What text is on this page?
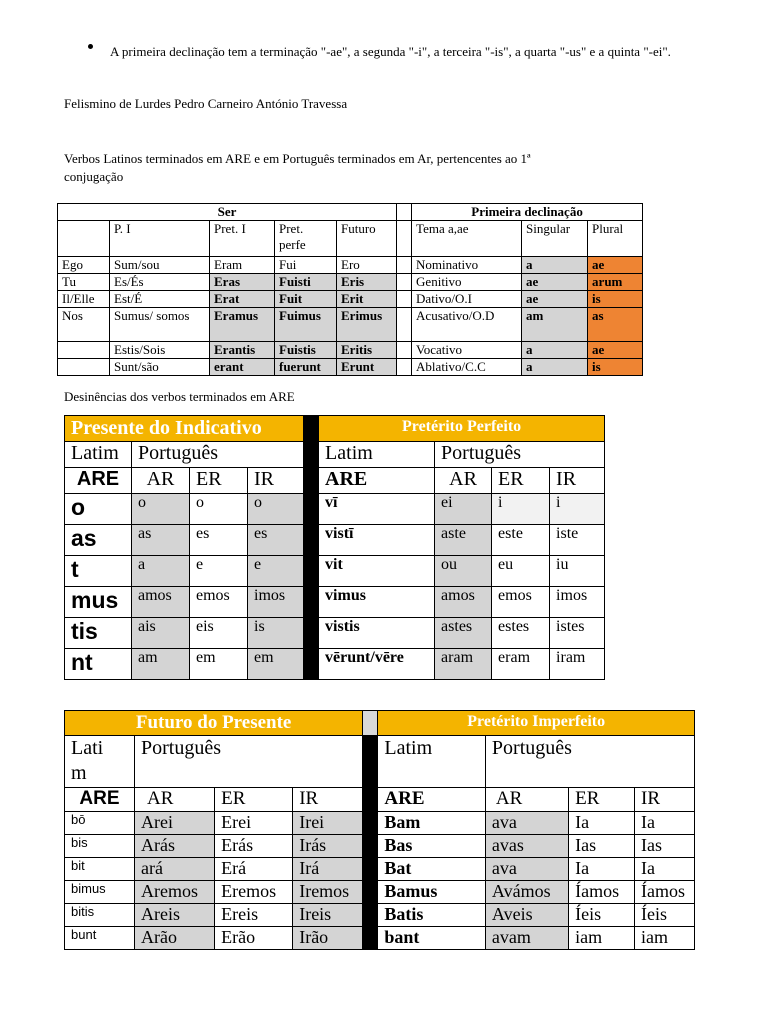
A primeira declinação tem a terminação "-ae", a segunda "-i", a terceira "-is", a quarta "-us" e a quinta "-ei".
Felismino de Lurdes Pedro Carneiro António Travessa
Verbos Latinos terminados em ARE e em Português terminados em Ar, pertencentes ao 1ª
conjugação
Ser						Primeira declinação		
	P. I	Pret. I	Pret. perfe	Futuro		Tema a,ae	Singular	Plural
Ego	Sum/sou	Eram	Fui	Ero		Nominativo	a	ae
Tu	Es/És	Eras	Fuisti	Eris		Genitivo	ae	arum
Il/Elle	Est/É	Erat	Fuit	Erit		Dativo/O.I	ae	is
Nos	Sumus/ somos	Eramus	Fuimus	Erimus		Acusativo/O.D	am	as
	Estis/Sois	Erantis	Fuistis	Eritis		Vocativo	a	ae
	Sunt/são	erant	fuerunt	Erunt		Ablativo/C.C	a	is
Desinências dos verbos terminados em ARE
Presente do Indicativo					Pretérito Perfeito			
Latim	Português				Latim	Português		
ARE	AR	ER	IR		ARE	AR	ER	IR
o	o	o	o		vī	ei	i	i
as	as	es	es		vistī	aste	este	iste
t	a	e	e		vit	ou	eu	iu
mus	amos	emos	imos		vimus	amos	emos	imos
tis	ais	eis	is		vistis	astes	estes	istes
nt	am	em	em		vērunt/vēre	aram	eram	iram
Futuro do Presente					Pretérito Imperfeito			

Lati
m	Português				Latim	Português		
ARE	AR	ER	IR		ARE	AR	ER	IR
bō	Arei	Erei	Irei		Bam	ava	Ia	Ia
bis	Arás	Erás	Irás		Bas	avas	Ias	Ias
bit	ará	Erá	Irá		Bat	ava	Ia	Ia
bimus	Aremos	Eremos	Iremos		Bamus	Avámos	Íamos	Íamos
bitis	Areis	Ereis	Ireis		Batis	Aveis	Íeis	Íeis
bunt	Arão	Erão	Irão		bant	avam	iam	iam
